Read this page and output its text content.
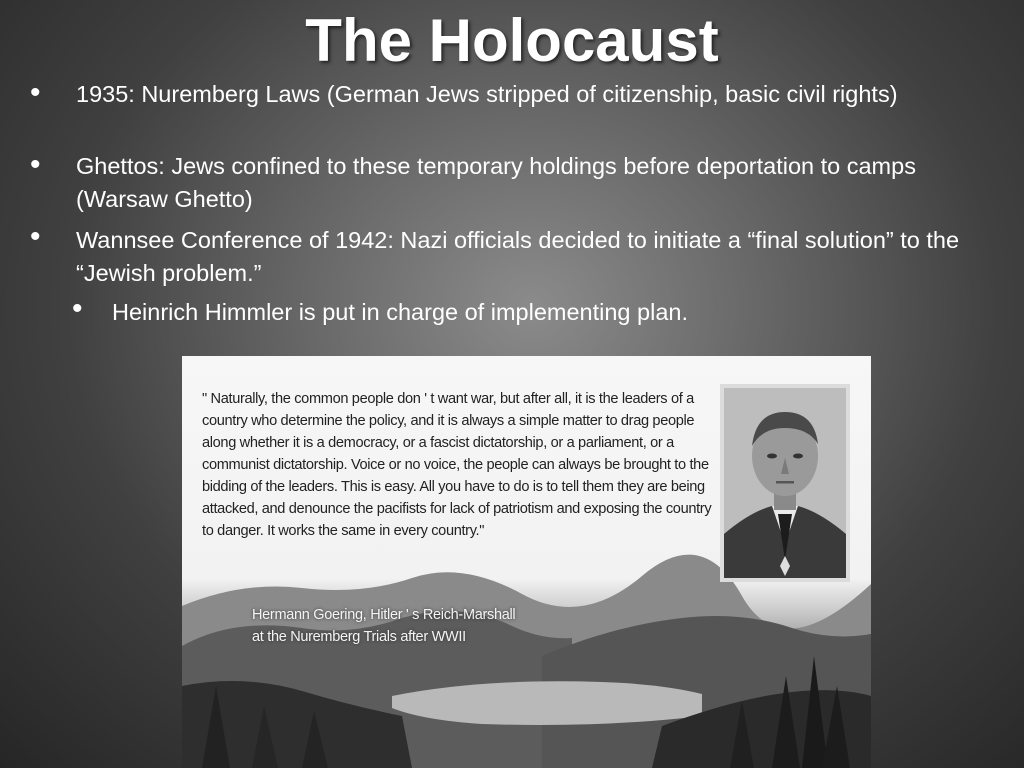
The Holocaust
• 1935: Nuremberg Laws (German Jews stripped of citizenship, basic civil rights)
• Ghettos: Jews confined to these temporary holdings before deportation to camps (Warsaw Ghetto)
• Wannsee Conference of 1942: Nazi officials decided to initiate a “final solution” to the “Jewish problem.”
• Heinrich Himmler is put in charge of implementing plan.
" Naturally, the common people don ' t want war, but after all, it is the leaders of a country who determine the policy, and it is always a simple matter to drag people along whether it is a democracy, or a fascist dictatorship, or a parliament, or a communist dictatorship. Voice or no voice, the people can always be brought to the bidding of the leaders. This is easy. All you have to do is to tell them they are being attacked, and denounce the pacifists for lack of patriotism and exposing the country to danger. It works the same in every country."
Hermann Goering, Hitler ' s Reich-Marshall
at the Nuremberg Trials after WWII
